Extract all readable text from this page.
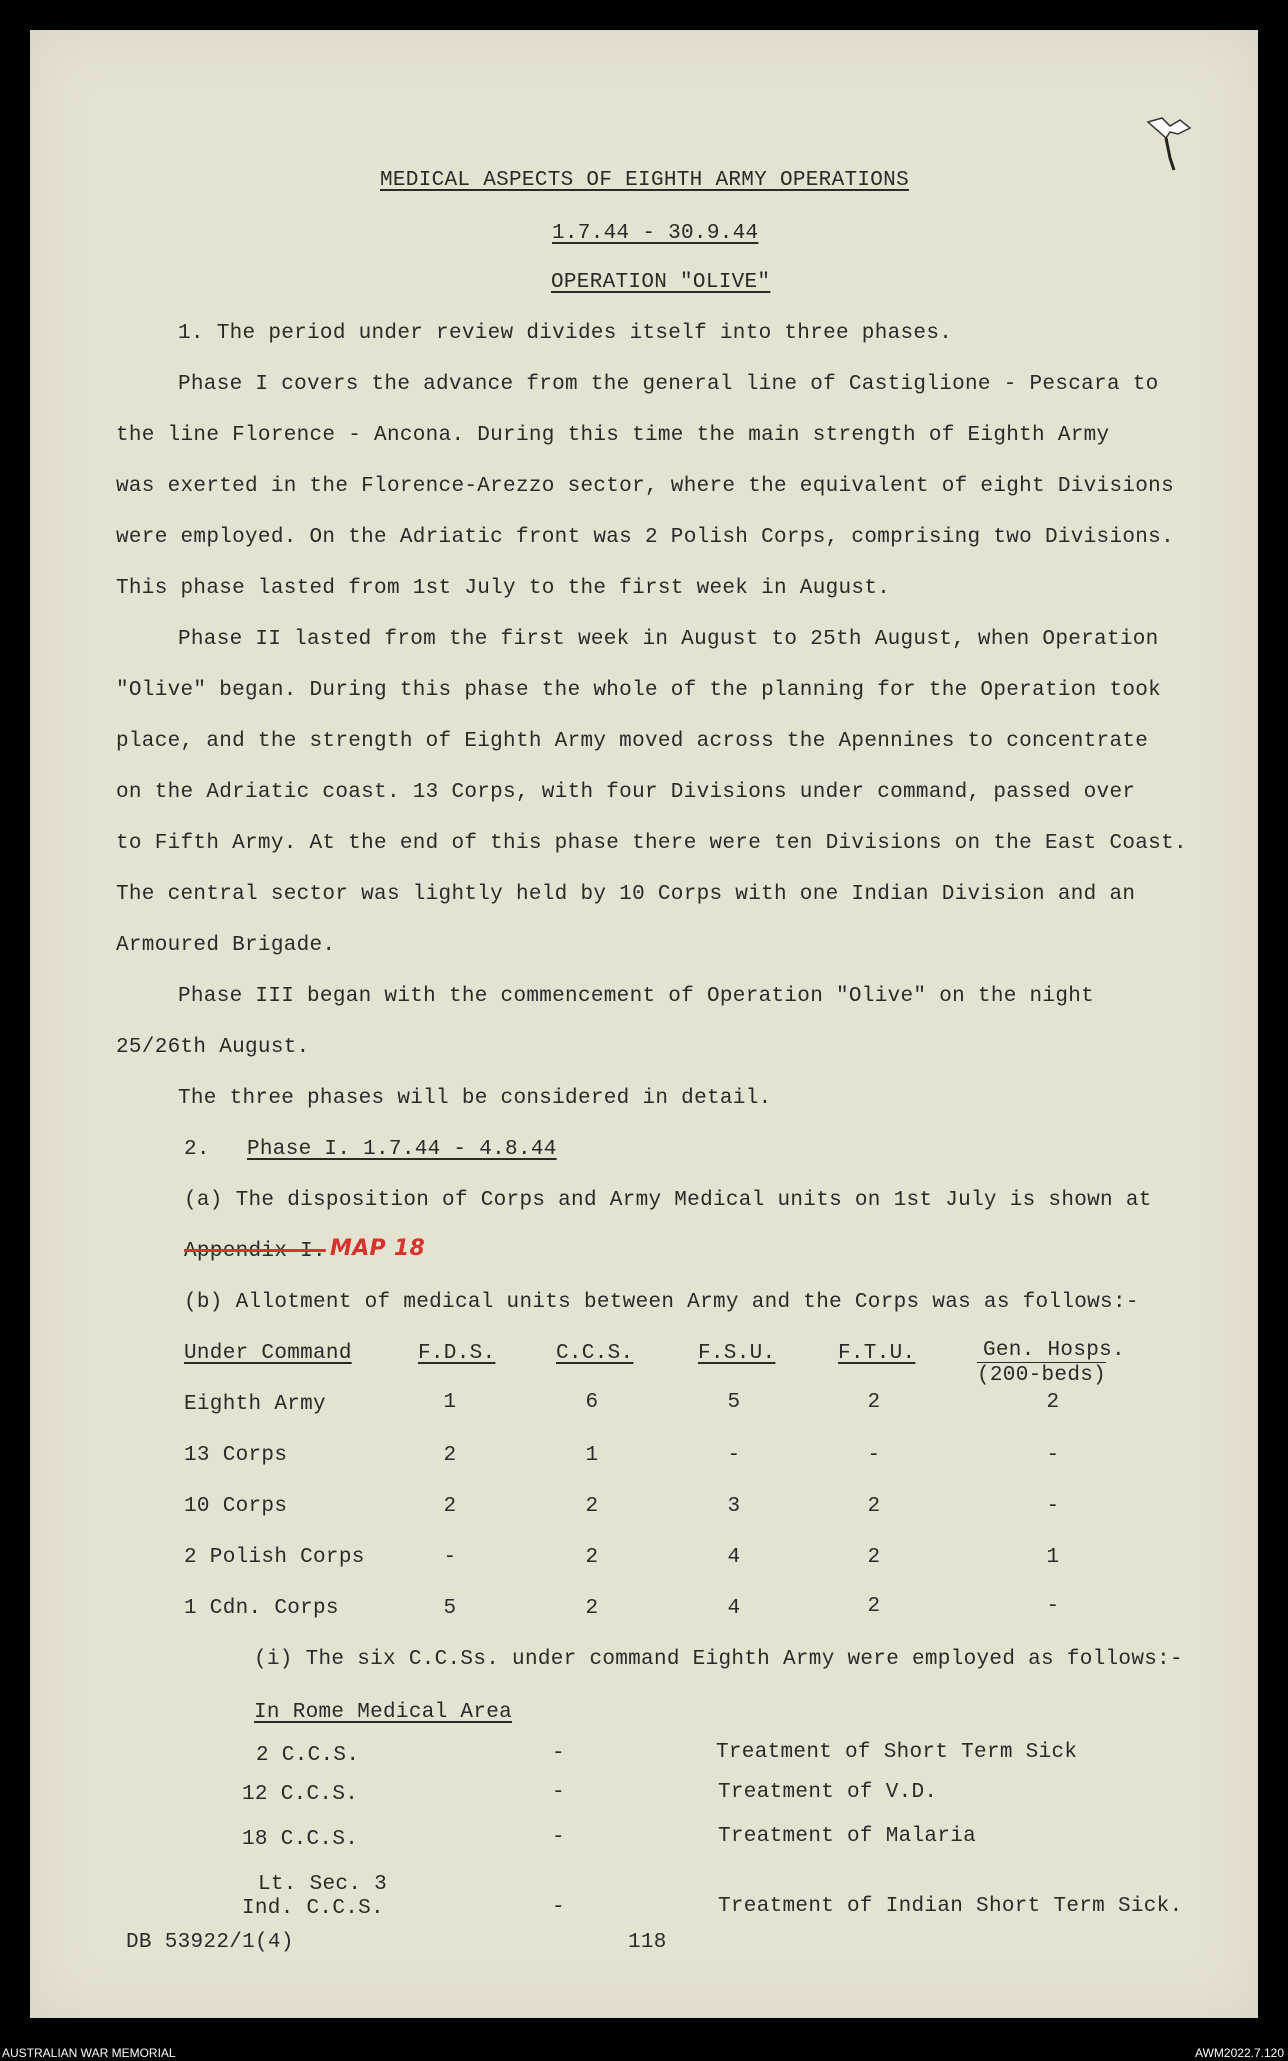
MEDICAL ASPECTS OF EIGHTH ARMY OPERATIONS
1.7.44 - 30.9.44
OPERATION "OLIVE"
1. The period under review divides itself into three phases.
Phase I covers the advance from the general line of Castiglione - Pescara to
the line Florence - Ancona. During this time the main strength of Eighth Army
was exerted in the Florence-Arezzo sector, where the equivalent of eight Divisions
were employed. On the Adriatic front was 2 Polish Corps, comprising two Divisions.
This phase lasted from 1st July to the first week in August.
Phase II lasted from the first week in August to 25th August, when Operation
"Olive" began. During this phase the whole of the planning for the Operation took
place, and the strength of Eighth Army moved across the Apennines to concentrate
on the Adriatic coast. 13 Corps, with four Divisions under command, passed over
to Fifth Army. At the end of this phase there were ten Divisions on the East Coast.
The central sector was lightly held by 10 Corps with one Indian Division and an
Armoured Brigade.
Phase III began with the commencement of Operation "Olive" on the night
25/26th August.
The three phases will be considered in detail.
2. Phase I. 1.7.44 - 4.8.44
(a) The disposition of Corps and Army Medical units on 1st July is shown at
Appendix I. MAP 18
(b) Allotment of medical units between Army and the Corps was as follows:-
Under Command	F.D.S.	C.C.S.	F.S.U.	F.T.U.	Gen. Hosps.
(200-beds)
Eighth Army	1	6	5	2	2
13 Corps	2	1	-	-	-
10 Corps	2	2	3	2	-
2 Polish Corps	-	2	4	2	1
1 Cdn. Corps	5	2	4	2	-
(i) The six C.C.Ss. under command Eighth Army were employed as follows:-
In Rome Medical Area
2 C.C.S.	-	Treatment of Short Term Sick
12 C.C.S.	-	Treatment of V.D.
18 C.C.S.	-	Treatment of Malaria
Lt. Sec. 3
Ind. C.C.S.	-	Treatment of Indian Short Term Sick.
DB 53922/1(4)	118
AUSTRALIAN WAR MEMORIAL	AWM2022.7.120
